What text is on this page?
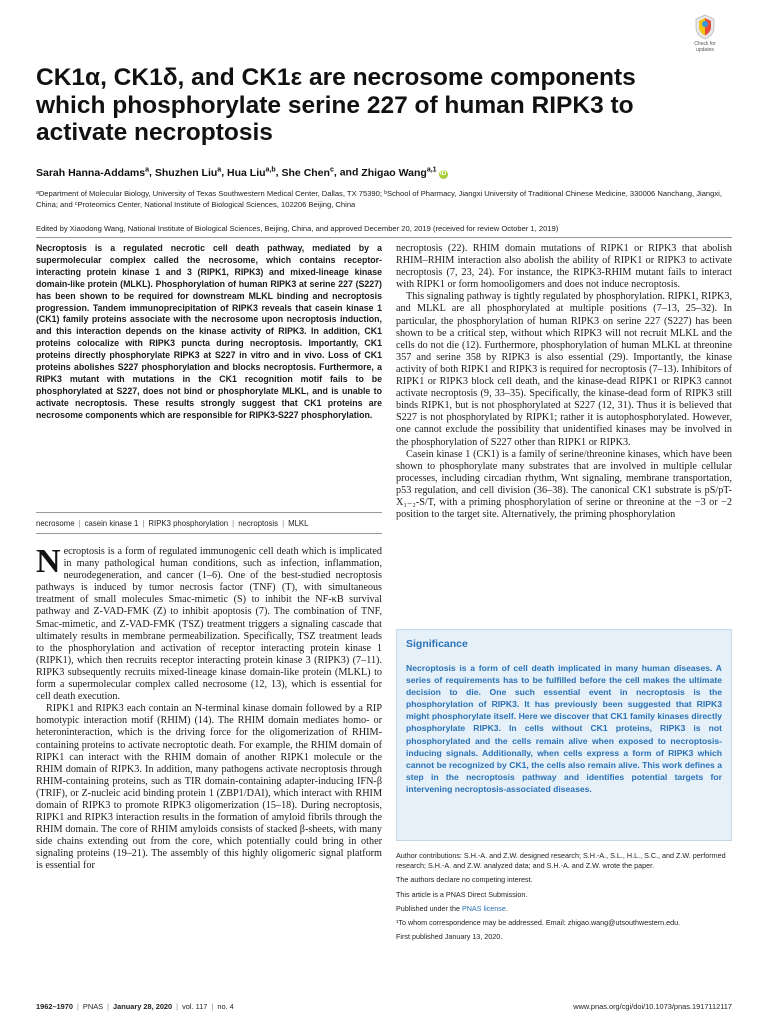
Check for
updates
CK1α, CK1δ, and CK1ε are necrosome components which phosphorylate serine 227 of human RIPK3 to activate necroptosis
Sarah Hanna-Addams$^a$, Shuzhen Liu$^a$, Hua Liu$^{a,b}$, She Chen$^c$, and Zhigao Wang$^{a,1}$iD
ᵃDepartment of Molecular Biology, University of Texas Southwestern Medical Center, Dallas, TX 75390; ᵇSchool of Pharmacy, Jiangxi University of Traditional Chinese Medicine, 330006 Nanchang, Jiangxi, China; and ᶜProteomics Center, National Institute of Biological Sciences, 102206 Beijing, China
Edited by Xiaodong Wang, National Institute of Biological Sciences, Beijing, China, and approved December 20, 2019 (received for review October 1, 2019)
Necroptosis is a regulated necrotic cell death pathway, mediated by a supermolecular complex called the necrosome, which contains receptor-interacting protein kinase 1 and 3 (RIPK1, RIPK3) and mixed-lineage kinase domain-like protein (MLKL). Phosphorylation of human RIPK3 at serine 227 (S227) has been shown to be required for downstream MLKL binding and necroptosis progression. Tandem immunoprecipitation of RIPK3 reveals that casein kinase 1 (CK1) family proteins associate with the necrosome upon necroptosis induction, and this interaction depends on the kinase activity of RIPK3. In addition, CK1 proteins colocalize with RIPK3 puncta during necroptosis. Importantly, CK1 proteins directly phosphorylate RIPK3 at S227 in vitro and in vivo. Loss of CK1 proteins abolishes S227 phosphorylation and blocks necroptosis. Furthermore, a RIPK3 mutant with mutations in the CK1 recognition motif fails to be phosphorylated at S227, does not bind or phosphorylate MLKL, and is unable to activate necroptosis. These results strongly suggest that CK1 proteins are necrosome components which are responsible for RIPK3-S227 phosphorylation.
necrosome | casein kinase 1 | RIPK3 phosphorylation | necroptosis | MLKL

Necroptosis is a form of regulated immunogenic cell death which is implicated in many pathological human conditions, such as infection, inflammation, neurodegeneration, and cancer (1–6). One of the best-studied necroptosis pathways is induced by tumor necrosis factor (TNF) (T), with simultaneous treatment of small molecules Smac-mimetic (S) to inhibit the NF-κB survival pathway and Z-VAD-FMK (Z) to inhibit apoptosis (7). The combination of TNF, Smac-mimetic, and Z-VAD-FMK (TSZ) treatment triggers a signaling cascade that ultimately results in membrane permeabilization. Specifically, TSZ treatment leads to the phosphorylation and activation of receptor interacting protein kinase 1 (RIPK1), which then recruits receptor interacting protein kinase 3 (RIPK3) (7–11). RIPK3 subsequently recruits mixed-lineage kinase domain-like protein (MLKL) to form a supermolecular complex called necrosome (12, 13), which is essential for cell death execution.

RIPK1 and RIPK3 each contain an N-terminal kinase domain followed by a RIP homotypic interaction motif (RHIM) (14). The RHIM domain mediates homo- or heteroninteraction, which is the driving force for the oligomerization of RHIM-containing proteins to activate necroptotic death. For example, the RHIM domain of RIPK1 can interact with the RHIM domain of another RIPK1 molecule or the RHIM domain of RIPK3. In addition, many pathogens activate necroptosis through RHIM-containing proteins, such as TIR domain-containing adapter-inducing IFN-β (TRIF), or Z-nucleic acid binding protein 1 (ZBP1/DAI), which interact with RHIM domain of RIPK3 to promote RIPK3 oligomerization (15–18). During necroptosis, RIPK1 and RIPK3 interaction results in the formation of amyloid fibrils through the RHIM domain. The core of RHIM amyloids consists of stacked β-sheets, with many side chains extending out from the core, which potentially could bring in other signaling proteins (19–21). The assembly of this highly oligomeric signal platform is essential for

necroptosis (22). RHIM domain mutations of RIPK1 or RIPK3 that abolish RHIM–RHIM interaction also abolish the ability of RIPK1 or RIPK3 to activate necroptosis (7, 23, 24). For instance, the RIPK3-RHIM mutant fails to interact with RIPK1 or form homooligomers and does not induce necroptosis.

This signaling pathway is tightly regulated by phosphorylation. RIPK1, RIPK3, and MLKL are all phosphorylated at multiple positions (7–13, 25–32). In particular, the phosphorylation of human RIPK3 on serine 227 (S227) has been shown to be a critical step, without which RIPK3 will not recruit MLKL and the cells do not die (12). Furthermore, phosphorylation of human MLKL at threonine 357 and serine 358 by RIPK3 is also essential (29). Importantly, the kinase activity of both RIPK1 and RIPK3 is required for necroptosis (7–13). Inhibitors of RIPK1 or RIPK3 block cell death, and the kinase-dead RIPK1 or RIPK3 cannot activate necroptosis (9, 33–35). Specifically, the kinase-dead form of RIPK3 still binds RIPK1, but is not phosphorylated at S227 (12, 31). Thus it is believed that S227 is not phosphorylated by RIPK1; rather it is autophosphorylated. However, one cannot exclude the possibility that unidentified kinases may be involved in the phosphorylation of S227 other than RIPK1 or RIPK3.

Casein kinase 1 (CK1) is a family of serine/threonine kinases, which have been shown to phosphorylate many substrates that are involved in multiple cellular processes, including circadian rhythm, Wnt signaling, membrane transportation, p53 regulation, and cell division (36–38). The canonical CK1 substrate is pS/pT-X₁₋₂-S/T, with a priming phosphorylation of serine or threonine at the −3 or −2 position to the target site. Alternatively, the priming phosphorylation

Significance
Necroptosis is a form of cell death implicated in many human diseases. A series of requirements has to be fulfilled before the cell makes the ultimate decision to die. One such essential event in necroptosis is the phosphorylation of RIPK3. It has previously been suggested that RIPK3 might phosphorylate itself. Here we discover that CK1 family kinases directly phosphorylate RIPK3. In cells without CK1 proteins, RIPK3 is not phosphorylated and the cells remain alive when exposed to necroptosis-inducing signals. Additionally, when cells express a form of RIPK3 which cannot be recognized by CK1, the cells also remain alive. This work defines a step in the necroptosis pathway and identifies potential targets for intervening necroptosis-associated diseases.

Author contributions: S.H.-A. and Z.W. designed research; S.H.-A., S.L., H.L., S.C., and Z.W. performed research; S.H.-A. and Z.W. analyzed data; and S.H.-A. and Z.W. wrote the paper.

The authors declare no competing interest.

This article is a PNAS Direct Submission.

Published under the PNAS license.

¹To whom correspondence may be addressed. Email: zhigao.wang@utsouthwestern.edu.

First published January 13, 2020.

1962–1970 | PNAS | January 28, 2020 | vol. 117 | no. 4	www.pnas.org/cgi/doi/10.1073/pnas.1917112117
